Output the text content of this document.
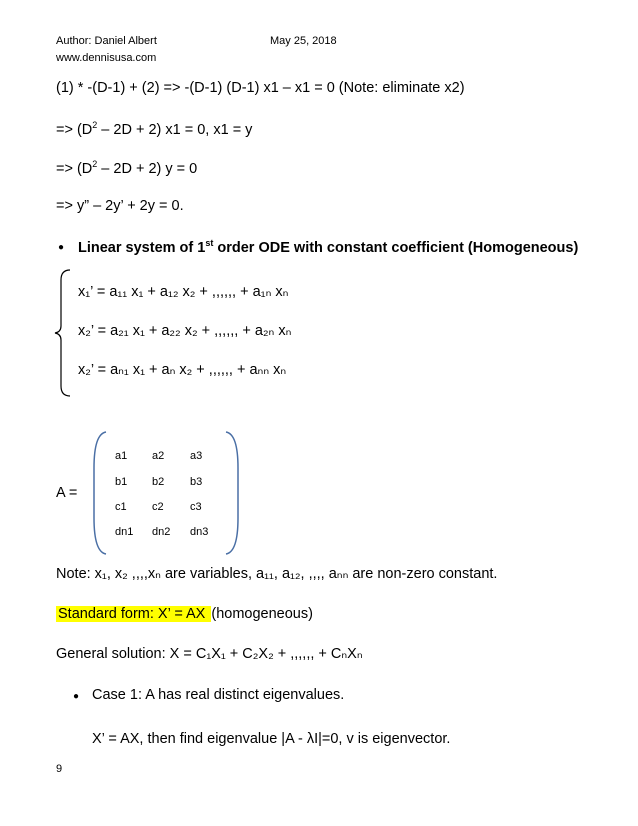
Author: Daniel Albert	May 25, 2018
www.dennisusa.com
(1) * -(D-1) + (2) => -(D-1) (D-1) x1 – x1 = 0 (Note: eliminate x2)
=> $(D^2 - 2D + 2) x1 = 0$, x1 = y
=> $(D^2 - 2D + 2) y = 0$
=> y” – 2y’ + 2y = 0.
● Linear system of 1st order ODE with constant coefficient (Homogeneous)
x₁’ = a₁₁ x₁ + a₁₂ x₂ + ,,,,,, + a₁ₙ xₙ
x₂’ = a₂₁ x₁ + a₂₂ x₂ + ,,,,,, + a₂ₙ xₙ
x₂’ = aₙ₁ x₁ + aₙ x₂ + ,,,,,, + aₙₙ xₙ
A =
a1 a2 a3
b1 b2 b3
c1 c2 c3
dn1 dn2 dn3
Note: x₁, x₂ ,,,,xₙ are variables, a₁₁, a₁₂, ,,,, aₙₙ are non-zero constant.
Standard form: X’ = AX (homogeneous)
General solution: X = C₁X₁ + C₂X₂ + ,,,,,, + CₙXₙ
● Case 1: A has real distinct eigenvalues.
X’ = AX, then find eigenvalue |A - λI|=0, v is eigenvector.
9
